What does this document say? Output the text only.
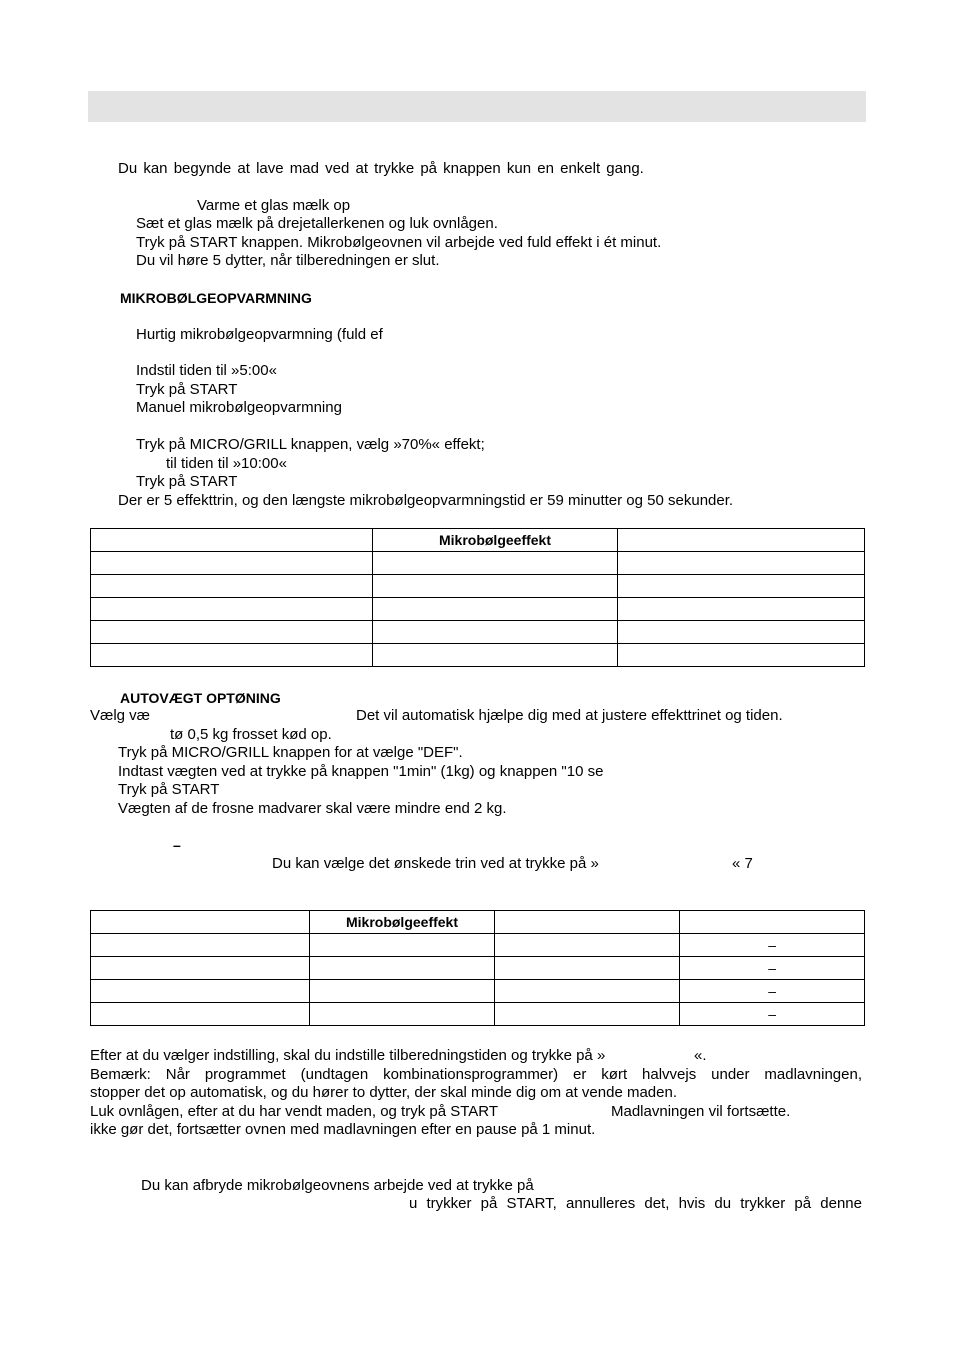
Du kan begynde at lave mad ved at trykke på knappen kun en enkelt gang.
Varme et glas mælk op
Sæt et glas mælk på drejetallerkenen og luk ovnlågen.
Tryk på START knappen. Mikrobølgeovnen vil arbejde ved fuld effekt i ét minut.
Du vil høre 5 dytter, når tilberedningen er slut.
MIKROBØLGEOPVARMNING
Hurtig mikrobølgeopvarmning (fuld ef
Indstil tiden til »5:00«
Tryk på START
Manuel mikrobølgeopvarmning
Tryk på MICRO/GRILL knappen, vælg »70%« effekt;
til tiden til »10:00«
Tryk på START
Der er 5 effekttrin, og den længste mikrobølgeopvarmningstid er 59 minutter og 50 sekunder.
	Mikrobølgeeffekt	

AUTOVÆGT OPTØNING
Vælg væ	Det vil automatisk hjælpe dig med at justere effekttrinet og tiden.
tø 0,5 kg frosset kød op.
Tryk på MICRO/GRILL knappen for at vælge "DEF".
Indtast vægten ved at trykke på knappen "1min" (1kg) og knappen "10 se
Tryk på START
Vægten af de frosne madvarer skal være mindre end 2 kg.
–
Du kan vælge det ønskede trin ved at trykke på »	« 7
	Mikrobølgeeffekt		
			–
			–
			–
			–
Efter at du vælger indstilling, skal du indstille tilberedningstiden og trykke på »	«.
Bemærk: Når programmet (undtagen kombinationsprogrammer) er kørt halvvejs under madlavningen,
stopper det op automatisk, og du hører to dytter, der skal minde dig om at vende maden.
Luk ovnlågen, efter at du har vendt maden, og tryk på START	Madlavningen vil fortsætte.
ikke gør det, fortsætter ovnen med madlavningen efter en pause på 1 minut.
Du kan afbryde mikrobølgeovnens arbejde ved at trykke på
u trykker på START, annulleres det, hvis du trykker på denne
